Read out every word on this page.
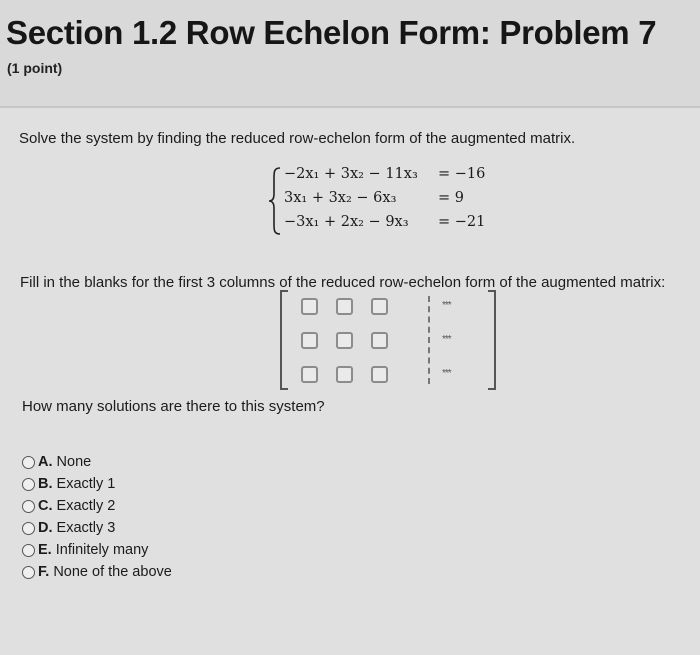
Section 1.2 Row Echelon Form: Problem 7
(1 point)
Solve the system by finding the reduced row-echelon form of the augmented matrix.
−2x₁ + 3x₂ − 11x₃ = −16
3x₁ + 3x₂ − 6x₃	= 9
−3x₁ + 2x₂ − 9x₃ = −21
Fill in the blanks for the first 3 columns of the reduced row-echelon form of the augmented matrix:
***
***
***
How many solutions are there to this system?
A. None
B. Exactly 1
C. Exactly 2
D. Exactly 3
E. Infinitely many
F. None of the above
